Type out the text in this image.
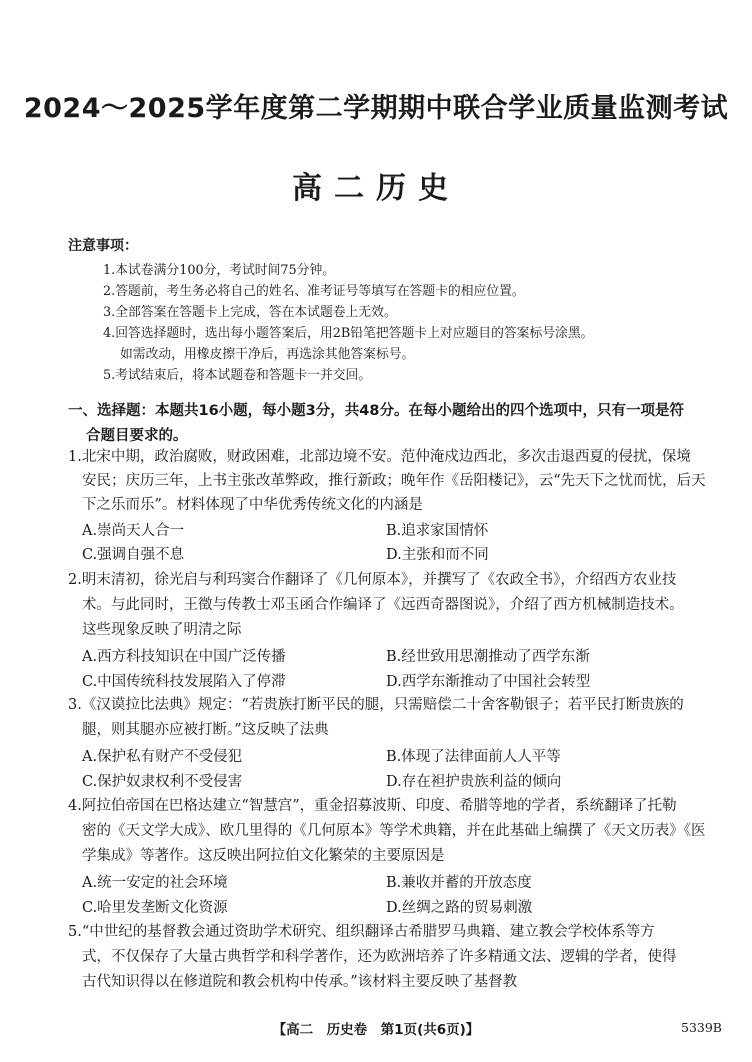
2024～2025学年度第二学期期中联合学业质量监测考试
高二历史
注意事项：
1.本试卷满分100分，考试时间75分钟。
2.答题前，考生务必将自己的姓名、准考证号等填写在答题卡的相应位置。
3.全部答案在答题卡上完成，答在本试题卷上无效。
4.回答选择题时，选出每小题答案后，用2B铅笔把答题卡上对应题目的答案标号涂黑。
如需改动，用橡皮擦干净后，再选涂其他答案标号。
5.考试结束后，将本试题卷和答题卡一并交回。
一、选择题：本题共16小题，每小题3分，共48分。在每小题给出的四个选项中，只有一项是符
合题目要求的。
1.北宋中期，政治腐败，财政困难，北部边境不安。范仲淹戍边西北，多次击退西夏的侵扰，保境
安民；庆历三年，上书主张改革弊政，推行新政；晚年作《岳阳楼记》，云“先天下之忧而忧，后天
下之乐而乐”。材料体现了中华优秀传统文化的内涵是
A.崇尚天人合一	B.追求家国情怀
C.强调自强不息	D.主张和而不同
2.明末清初，徐光启与利玛窦合作翻译了《几何原本》，并撰写了《农政全书》，介绍西方农业技
术。与此同时，王徵与传教士邓玉函合作编译了《远西奇器图说》，介绍了西方机械制造技术。
这些现象反映了明清之际
A.西方科技知识在中国广泛传播	B.经世致用思潮推动了西学东渐
C.中国传统科技发展陷入了停滞	D.西学东渐推动了中国社会转型
3.《汉谟拉比法典》规定：“若贵族打断平民的腿，只需赔偿二十舍客勒银子；若平民打断贵族的
腿，则其腿亦应被打断。”这反映了法典
A.保护私有财产不受侵犯	B.体现了法律面前人人平等
C.保护奴隶权利不受侵害	D.存在袒护贵族利益的倾向
4.阿拉伯帝国在巴格达建立“智慧宫”，重金招募波斯、印度、希腊等地的学者，系统翻译了托勒
密的《天文学大成》、欧几里得的《几何原本》等学术典籍，并在此基础上编撰了《天文历表》《医
学集成》等著作。这反映出阿拉伯文化繁荣的主要原因是
A.统一安定的社会环境	B.兼收并蓄的开放态度
C.哈里发垄断文化资源	D.丝绸之路的贸易刺激
5.“中世纪的基督教会通过资助学术研究、组织翻译古希腊罗马典籍、建立教会学校体系等方
式，不仅保存了大量古典哲学和科学著作，还为欧洲培养了许多精通文法、逻辑的学者，使得
古代知识得以在修道院和教会机构中传承。”该材料主要反映了基督教
【高二　历史卷　第1页(共6页)】	5339B
